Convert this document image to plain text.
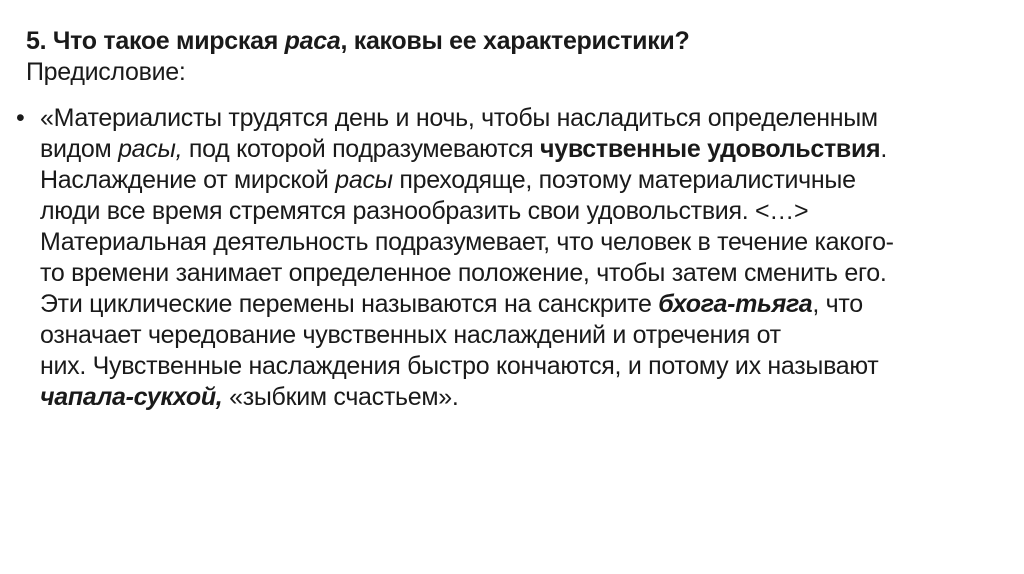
5. Что такое мирская раса, каковы ее характеристики?
Предисловие:
• «Материалисты трудятся день и ночь, чтобы насладиться определенным
видом расы, под которой подразумеваются чувственные удовольствия.
Наслаждение от мирской расы преходяще, поэтому материалистичные
люди все время стремятся разнообразить свои удовольствия. <…>
Материальная деятельность подразумевает, что человек в течение какого-
то времени занимает определенное положение, чтобы затем сменить его.
Эти циклические перемены называются на санскрите бхога-тьяга, что
означает чередование чувственных наслаждений и отречения от
них. Чувственные наслаждения быстро кончаются, и потому их называют
чапала-сукхой, «зыбким счастьем».
